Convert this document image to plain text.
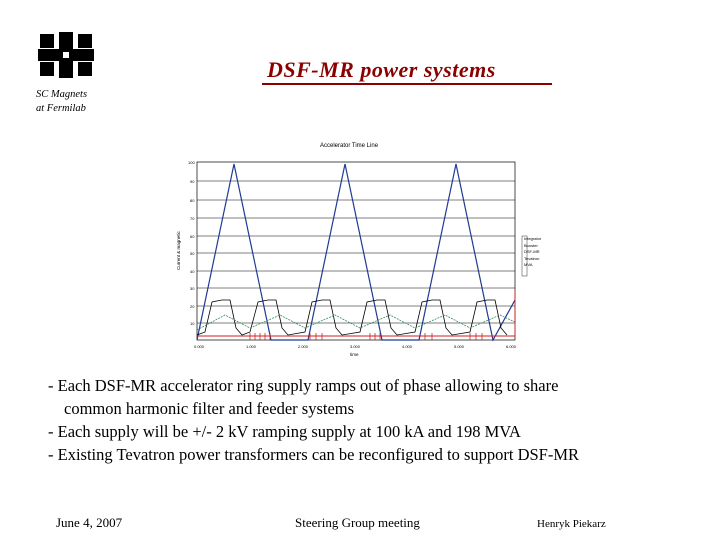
DSF-MR power systems
SC Magnets
at Fermilab
Accelerator Time Line
100
90
80
70
60
50
40
30
20
10
Current & magnetic
0.000	1.000	2.000	3.000	4.000	5.000	6.000
time
Integrator
Booster
DSF-MR
Tevatron
MVA

- Each DSF-MR accelerator ring supply ramps out of phase allowing to share

common harmonic filter and feeder systems

- Each supply will be +/- 2 kV ramping supply at 100 kA and 198 MVA

- Existing Tevatron power transformers can be reconfigured to support DSF-MR

June 4, 2007	Steering Group meeting	Henryk Piekarz
